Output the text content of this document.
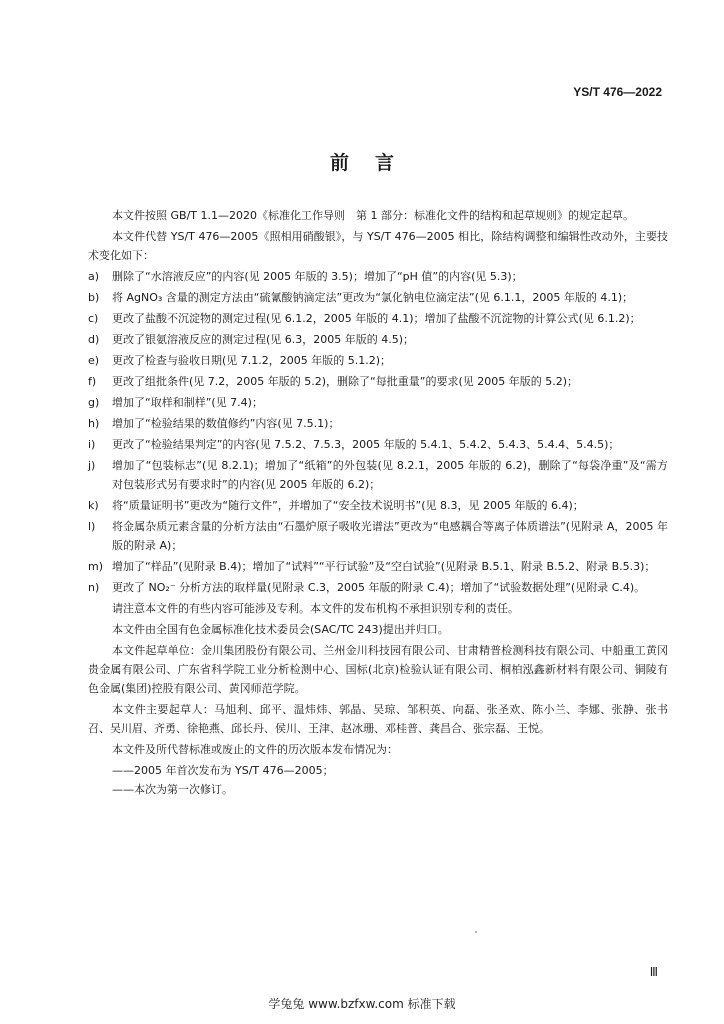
YS/T 476—2022
前言

本文件按照 GB/T 1.1—2020《标准化工作导则　第 1 部分：标准化文件的结构和起草规则》的规定起草。

本文件代替 YS/T 476—2005《照相用硝酸银》，与 YS/T 476—2005 相比，除结构调整和编辑性改动外，主要技术变化如下：

a)	删除了“水溶液反应”的内容(见 2005 年版的 3.5)；增加了“pH 值”的内容(见 5.3)；
b)	将 AgNO₃ 含量的测定方法由“硫氰酸钠滴定法”更改为“氯化钠电位滴定法”(见 6.1.1，2005 年版的 4.1)；
c)	更改了盐酸不沉淀物的测定过程(见 6.1.2，2005 年版的 4.1)；增加了盐酸不沉淀物的计算公式(见 6.1.2)；
d)	更改了银氨溶液反应的测定过程(见 6.3，2005 年版的 4.5)；
e)	更改了检查与验收日期(见 7.1.2，2005 年版的 5.1.2)；
f)	更改了组批条件(见 7.2，2005 年版的 5.2)，删除了“每批重量”的要求(见 2005 年版的 5.2)；
g)	增加了“取样和制样”(见 7.4)；
h)	增加了“检验结果的数值修约”内容(见 7.5.1)；
i)	更改了“检验结果判定”的内容(见 7.5.2、7.5.3，2005 年版的 5.4.1、5.4.2、5.4.3、5.4.4、5.4.5)；
j)	增加了“包装标志”(见 8.2.1)；增加了“纸箱”的外包装(见 8.2.1，2005 年版的 6.2)，删除了“每袋净重”及“需方对包装形式另有要求时”的内容(见 2005 年版的 6.2)；
k)	将“质量证明书”更改为“随行文件”，并增加了“安全技术说明书”(见 8.3，见 2005 年版的 6.4)；
l)	将金属杂质元素含量的分析方法由“石墨炉原子吸收光谱法”更改为“电感耦合等离子体质谱法”(见附录 A，2005 年版的附录 A)；
m) 增加了“样品”(见附录 B.4)；增加了“试料”“平行试验”及“空白试验”(见附录 B.5.1、附录 B.5.2、附录 B.5.3)；
n)	更改了 NO₂⁻ 分析方法的取样量(见附录 C.3，2005 年版的附录 C.4)；增加了“试验数据处理”(见附录 C.4)。

请注意本文件的有些内容可能涉及专利。本文件的发布机构不承担识别专利的责任。

本文件由全国有色金属标准化技术委员会(SAC/TC 243)提出并归口。

本文件起草单位：金川集团股份有限公司、兰州金川科技园有限公司、甘肃精普检测科技有限公司、中船重工黄冈贵金属有限公司、广东省科学院工业分析检测中心、国标(北京)检验认证有限公司、桐柏泓鑫新材料有限公司、铜陵有色金属(集团)控股有限公司、黄冈师范学院。

本文件主要起草人：马旭利、邱平、温炜炜、郭晶、吴琼、邹积英、向磊、张圣欢、陈小兰、李娜、张静、张书召、吴川眉、齐勇、徐艳燕、邱长丹、侯川、王津、赵冰珊、邓桂普、龚昌合、张宗磊、王悦。

本文件及所代替标准或废止的文件的历次版本发布情况为：

——2005 年首次发布为 YS/T 476—2005；

——本次为第一次修订。

Ⅲ
学兔兔 www.bzfxw.com 标准下载
